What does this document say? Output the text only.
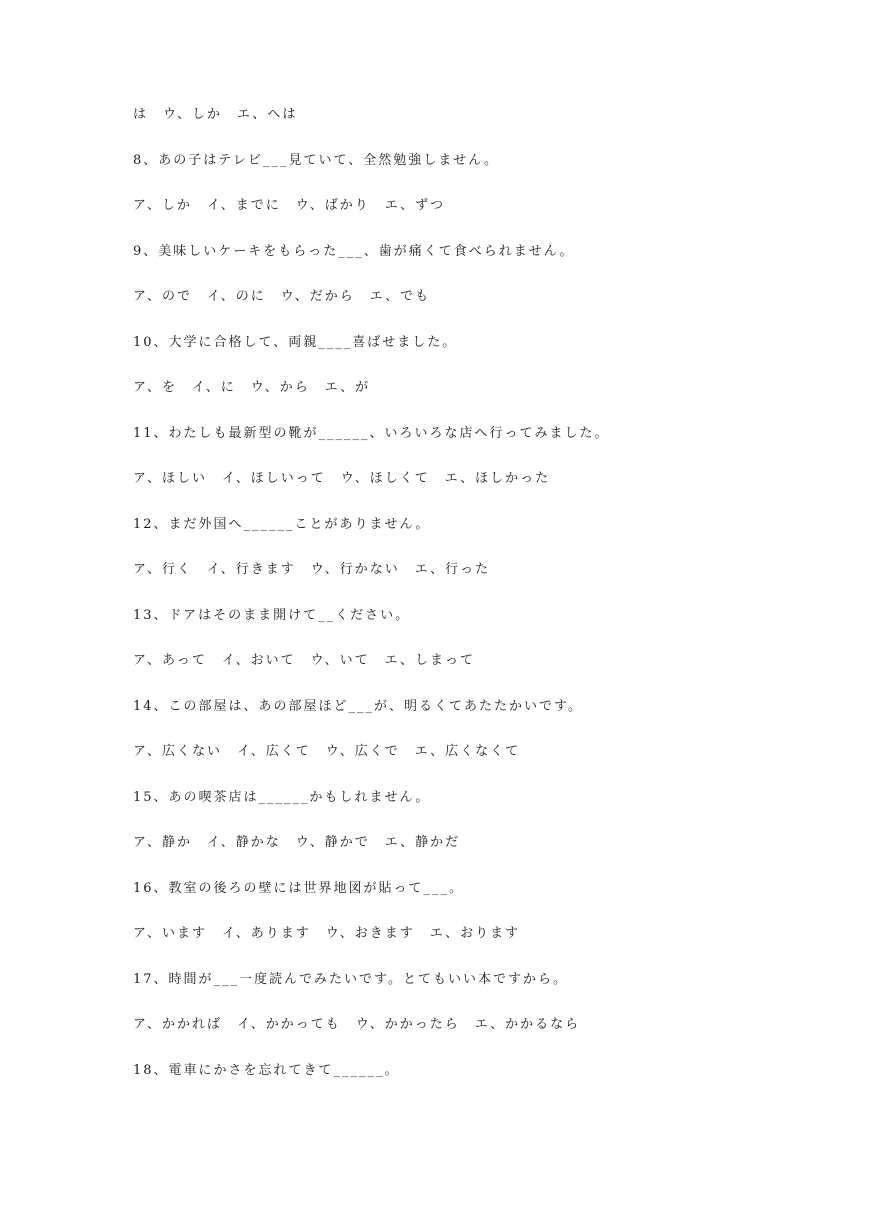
は　ウ、しか　エ、へは
8、あの子はテレビ___見ていて、全然勉強しません。
ア、しか　イ、までに　ウ、ばかり　エ、ずつ
9、美味しいケーキをもらった___、歯が痛くて食べられません。
ア、ので　イ、のに　ウ、だから　エ、でも
10、大学に合格して、両親____喜ばせました。
ア、を　イ、に　ウ、から　エ、が
11、わたしも最新型の靴が______、いろいろな店へ行ってみました。
ア、ほしい　イ、ほしいって　ウ、ほしくて　エ、ほしかった
12、まだ外国へ______ことがありません。
ア、行く　イ、行きます　ウ、行かない　エ、行った
13、ドアはそのまま開けて__ください。
ア、あって　イ、おいて　ウ、いて　エ、しまって
14、この部屋は、あの部屋ほど___が、明るくてあたたかいです。
ア、広くない　イ、広くて　ウ、広くで　エ、広くなくて
15、あの喫茶店は______かもしれません。
ア、静か　イ、静かな　ウ、静かで　エ、静かだ
16、教室の後ろの壁には世界地図が貼って___。
ア、います　イ、あります　ウ、おきます　エ、おります
17、時間が___一度読んでみたいです。とてもいい本ですから。
ア、かかれば　イ、かかっても　ウ、かかったら　エ、かかるなら
18、電車にかさを忘れてきて______。
